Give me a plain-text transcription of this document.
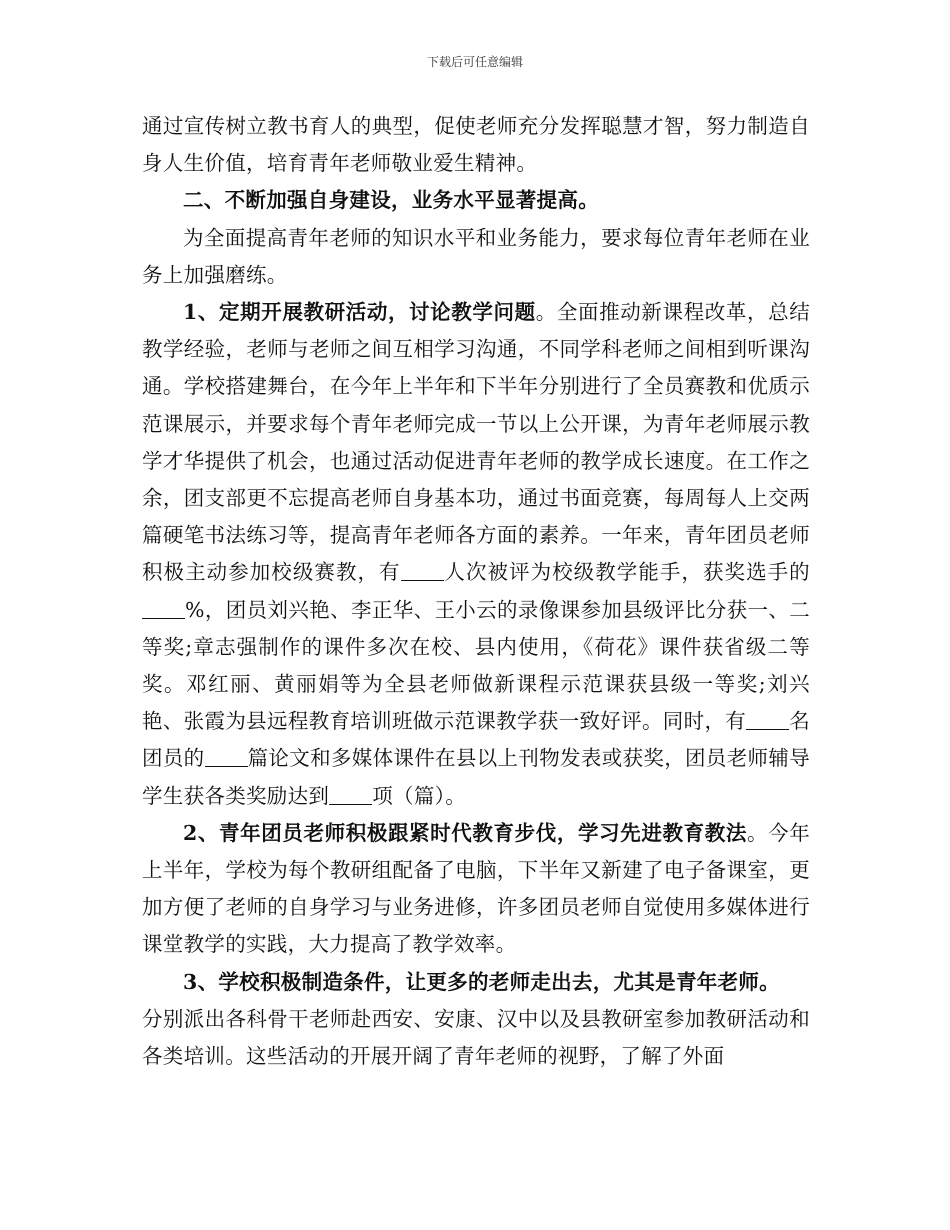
下载后可任意编辑

通过宣传树立教书育人的典型，促使老师充分发挥聪慧才智，努力制造自身人生价值，培育青年老师敬业爱生精神。

二、不断加强自身建设，业务水平显著提高。

为全面提高青年老师的知识水平和业务能力，要求每位青年老师在业务上加强磨练。

1、定期开展教研活动，讨论教学问题。全面推动新课程改革，总结教学经验，老师与老师之间互相学习沟通，不同学科老师之间相到听课沟通。学校搭建舞台，在今年上半年和下半年分别进行了全员赛教和优质示范课展示，并要求每个青年老师完成一节以上公开课，为青年老师展示教学才华提供了机会，也通过活动促进青年老师的教学成长速度。在工作之余，团支部更不忘提高老师自身基本功，通过书面竞赛，每周每人上交两篇硬笔书法练习等，提高青年老师各方面的素养。一年来，青年团员老师积极主动参加校级赛教，有 人次被评为校级教学能手，获奖选手的%，团员刘兴艳、李正华、王小云的录像课参加县级评比分获一、二等奖;章志强制作的课件多次在校、县内使用，《荷花》课件获省级二等奖。邓红丽、黄丽娟等为全县老师做新课程示范课获县级一等奖;刘兴艳、张霞为县远程教育培训班做示范课教学获一致好评。同时，有 名团员的 篇论文和多媒体课件在县以上刊物发表或获奖，团员老师辅导学生获各类奖励达到 项（篇）。

2、青年团员老师积极跟紧时代教育步伐，学习先进教育教法。今年上半年，学校为每个教研组配备了电脑，下半年又新建了电子备课室，更加方便了老师的自身学习与业务进修，许多团员老师自觉使用多媒体进行课堂教学的实践，大力提高了教学效率。

3、学校积极制造条件，让更多的老师走出去，尤其是青年老师。

分别派出各科骨干老师赴西安、安康、汉中以及县教研室参加教研活动和各类培训。这些活动的开展开阔了青年老师的视野，了解了外面
